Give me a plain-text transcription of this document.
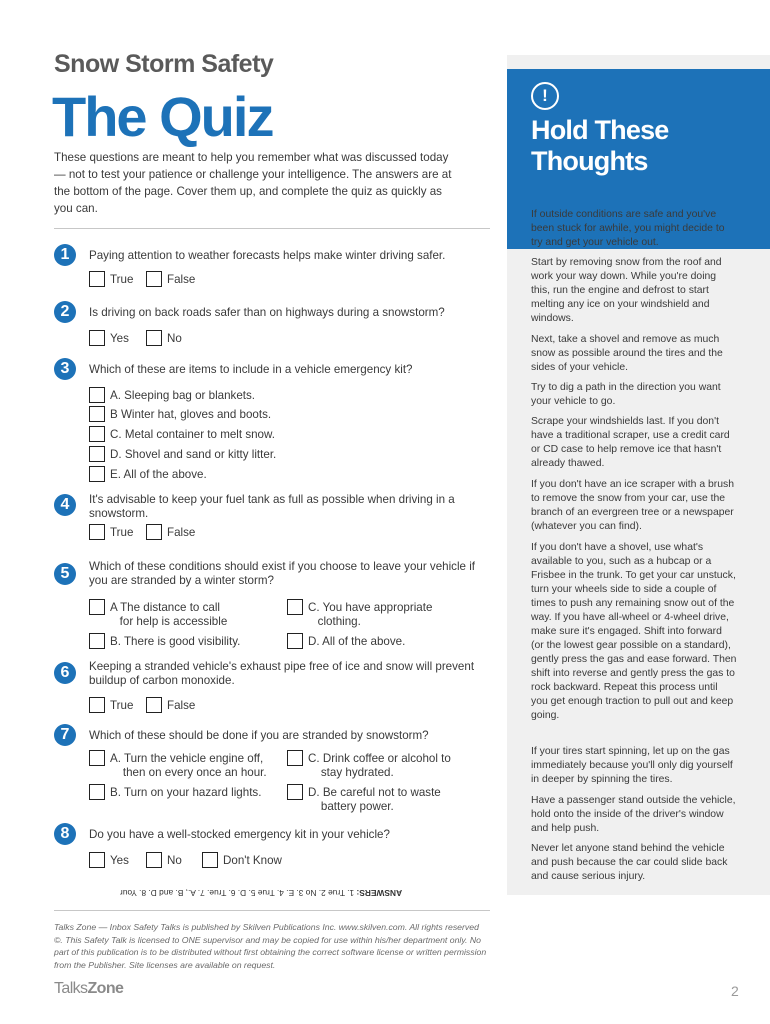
Snow Storm Safety
The Quiz
These questions are meant to help you remember what was discussed today — not to test your patience or challenge your intelligence. The answers are at the bottom of the page. Cover them up, and complete the quiz as quickly as you can.
1	Paying attention to weather forecasts helps make winter driving safer.
True	False
2	Is driving on back roads safer than on highways during a snowstorm?
Yes	No
3	Which of these are items to include in a vehicle emergency kit?
A. Sleeping bag or blankets.
B Winter hat, gloves and boots.
C. Metal container to melt snow.
D. Shovel and sand or kitty litter.
E. All of the above.
4	It's advisable to keep your fuel tank as full as possible when driving in a snowstorm.
True	False
5	Which of these conditions should exist if you choose to leave your vehicle if you are stranded by a winter storm?
A The distance to call
for help is accessible
C. You have appropriate
clothing.
B. There is good visibility.	D. All of the above.
6	Keeping a stranded vehicle's exhaust pipe free of ice and snow will prevent buildup of carbon monoxide.
True	False
7	Which of these should be done if you are stranded by snowstorm?
A. Turn the vehicle engine off,
then on every once an hour.
C. Drink coffee or alcohol to
stay hydrated.
B. Turn on your hazard lights.	D. Be careful not to waste
battery power.
8	Do you have a well-stocked emergency kit in your vehicle?
Yes	No	Don't Know
ANSWERS: 1. True 2. No 3. E. 4. True 5. D. 6. True. 7. A., B. and D. 8. Your
Talks Zone — Inbox Safety Talks is published by Skilven Publications Inc. www.skilven.com. All rights reserved ©. This Safety Talk is licensed to ONE supervisor and may be copied for use within his/her department only. No part of this publication is to be distributed without first obtaining the correct software license or written permission from the Publisher. Site licenses are available on request.
TalksZone	2
!
Hold These Thoughts
If outside conditions are safe and you've been stuck for awhile, you might decide to try and get your vehicle out.
Start by removing snow from the roof and work your way down. While you're doing this, run the engine and defrost to start melting any ice on your windshield and windows.
Next, take a shovel and remove as much snow as possible around the tires and the sides of your vehicle.
Try to dig a path in the direction you want your vehicle to go.
Scrape your windshields last. If you don't have a traditional scraper, use a credit card or CD case to help remove ice that hasn't already thawed.
If you don't have an ice scraper with a brush to remove the snow from your car, use the branch of an evergreen tree or a newspaper (whatever you can find).
If you don't have a shovel, use what's available to you, such as a hubcap or a Frisbee in the trunk. To get your car unstuck, turn your wheels side to side a couple of times to push any remaining snow out of the way. If you have all-wheel or 4-wheel drive, make sure it's engaged. Shift into forward (or the lowest gear possible on a standard), gently press the gas and ease forward. Then shift into reverse and gently press the gas to rock backward. Repeat this process until you get enough traction to pull out and keep going.
If your tires start spinning, let up on the gas immediately because you'll only dig yourself in deeper by spinning the tires.
Have a passenger stand outside the vehicle, hold onto the inside of the driver's window and help push.
Never let anyone stand behind the vehicle and push because the car could slide back and cause serious injury.
